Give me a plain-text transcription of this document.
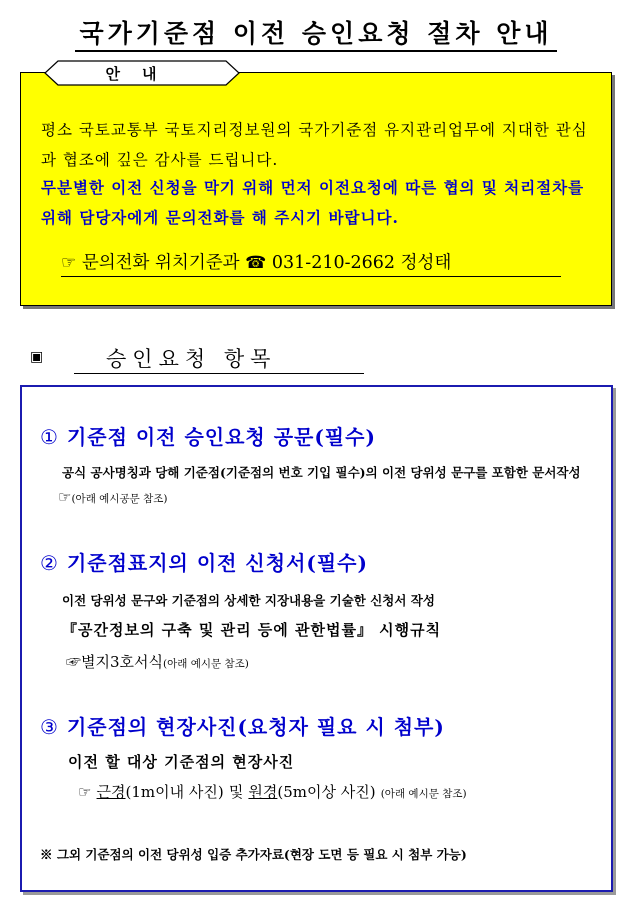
국가기준점 이전 승인요청 절차 안내

평소 국토교통부 국토지리정보원의 국가기준점 유지관리업무에 지대한 관심과 협조에 깊은 감사를 드립니다.

무분별한 이전 신청을 막기 위해 먼저 이전요청에 따른 협의 및 처리절차를 위해 담당자에게 문의전화를 해 주시기 바랍니다.

☞ 문의전화 위치기준과 ☎ 031-210-2662 정성태
안내
▣	승인요청 항목
① 기준점 이전 승인요청 공문(필수)
공식 공사명칭과 당해 기준점(기준점의 번호 기입 필수)의 이전 당위성 문구를 포함한 문서작성
☞(아래 예시공문 참조)
② 기준점표지의 이전 신청서(필수)
이전 당위성 문구와 기준점의 상세한 지장내용을 기술한 신청서 작성
『공간정보의 구축 및 관리 등에 관한법률』 시행규칙
☞별지3호서식(아래 예시문 참조)
③ 기준점의 현장사진(요청자 필요 시 첨부)
이전 할 대상 기준점의 현장사진
☞ 근경(1m이내 사진) 및 원경(5m이상 사진) (아래 예시문 참조)
※ 그외 기준점의 이전 당위성 입증 추가자료(현장 도면 등 필요 시 첨부 가능)
